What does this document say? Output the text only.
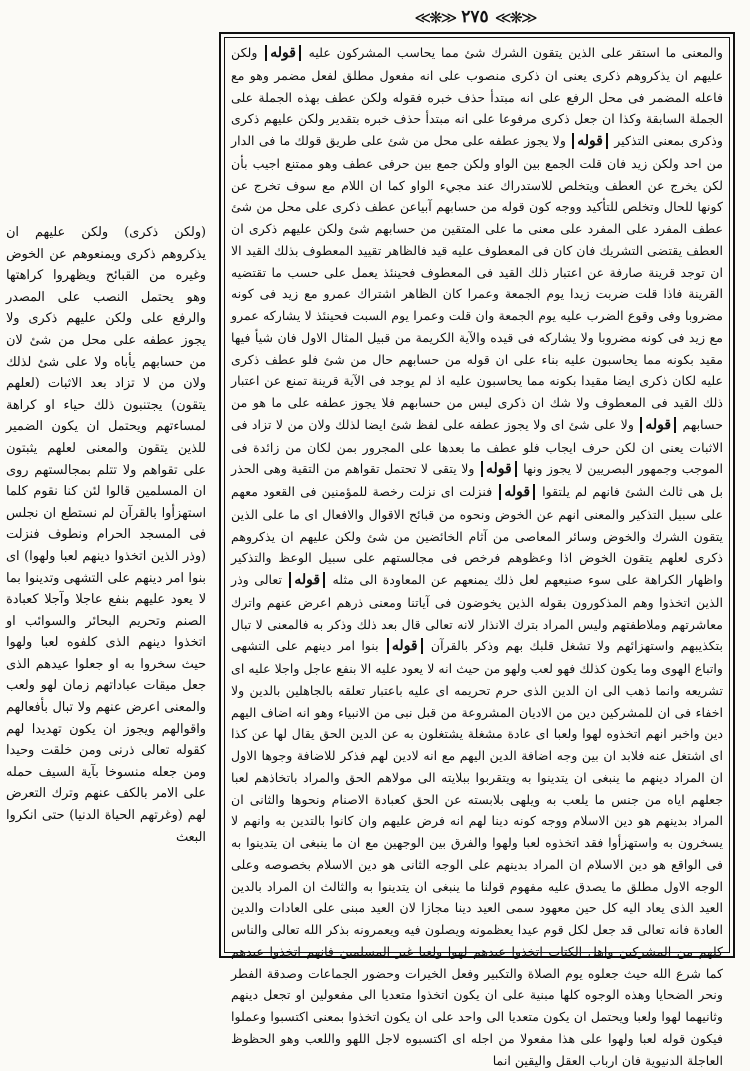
≪❋≫ ٢٧٥ ≪❋≫

والمعنى ما استقر على الذين يتقون الشرك شئ مما يحاسب المشركون عليه قوله ولكن عليهم ان يذكروهم ذكرى يعنى ان ذكرى منصوب على انه مفعول مطلق لفعل مضمر وهو مع فاعله المضمر فى محل الرفع على انه مبتدأ حذف خبره فقوله ولكن عطف بهذه الجملة على الجملة السابقة وكذا ان جعل ذكرى مرفوعا على انه مبتدأ حذف خبره بتقدير ولكن عليهم ذكرى وذكرى بمعنى التذكير قوله ولا يجوز عطفه على محل من شئ على طريق قولك ما فى الدار من احد ولكن زيد فان قلت الجمع بين الواو ولكن جمع بين حرفى عطف وهو ممتنع اجيب بأن لكن يخرج عن العطف ويتخلص للاستدراك عند مجيء الواو كما ان اللام مع سوف تخرج عن كونها للحال وتخلص للتأكيد ووجه كون قوله من حسابهم آبياعن عطف ذكرى على محل من شئ عطف المفرد على المفرد على معنى ما على المتقين من حسابهم شئ ولكن عليهم ذكرى ان العطف يقتضى التشريك فان كان فى المعطوف عليه قيد فالظاهر تقييد المعطوف بذلك القيد الا ان توجد قرينة صارفة عن اعتبار ذلك القيد فى المعطوف فحينئذ يعمل على حسب ما تقتضيه القرينة فاذا قلت ضربت زيدا يوم الجمعة وعمرا كان الظاهر اشتراك عمرو مع زيد فى كونه مضروبا وفى وقوع الضرب عليه يوم الجمعة وان قلت وعمرا يوم السبت فحينئذ لا يشاركه عمرو مع زيد فى كونه مضروبا ولا يشاركه فى قيده والآية الكريمة من قبيل المثال الاول فان شيأ فيها مقيد بكونه مما يحاسبون عليه بناء على ان قوله من حسابهم حال من شئ فلو عطف ذكرى عليه لكان ذكرى ايضا مقيدا بكونه مما يحاسبون عليه اذ لم يوجد فى الآية قرينة تمنع عن اعتبار ذلك القيد فى المعطوف ولا شك ان ذكرى ليس من حسابهم فلا يجوز عطفه على ما هو من حسابهم قوله ولا على شئ اى ولا يجوز عطفه على لفظ شئ ايضا لذلك ولان من لا تزاد فى الاثبات يعنى ان لكن حرف ايجاب فلو عطف ما بعدها على المجرور بمن لكان من زائدة فى الموجب وجمهور البصريين لا يجوز ونها قوله ولا يتقى لا تحتمل تقواهم من التقية وهى الحذر بل هى ثالث الشئ فانهم لم يلتقوا قوله فنزلت اى نزلت رخصة للمؤمنين فى القعود معهم على سبيل التذكير والمعنى انهم عن الخوض ونحوه من قبائح الاقوال والافعال اى ما على الذين يتقون الشرك والخوض وسائر المعاصى من آثام الخائضين من شئ ولكن عليهم ان يذكروهم ذكرى لعلهم يتقون الخوض اذا وعظوهم فرخص فى مجالستهم على سبيل الوعظ والتذكير واظهار الكراهة على سوء صنيعهم لعل ذلك يمنعهم عن المعاودة الى مثله قوله تعالى وذر الذين اتخذوا وهم المذكورون بقوله الذين يخوضون فى آياتنا ومعنى ذرهم اعرض عنهم واترك معاشرتهم وملاطفتهم وليس المراد بترك الانذار لانه تعالى قال بعد ذلك وذكر به فالمعنى لا تبال بتكذيبهم واستهزائهم ولا تشغل قلبك بهم وذكر بالقرآن قوله بنوا امر دينهم على التشهى واتباع الهوى وما يكون كذلك فهو لعب ولهو من حيث انه لا يعود عليه الا بنفع عاجل واجلا عليه اى تشريعه وانما ذهب الى ان الدين الذى حرم تحريمه اى عليه باعتبار تعلقه بالجاهلين بالدين ولا اخفاء فى ان للمشركين دين من الاديان المشروعة من قبل نبى من الانبياء وهو انه اضاف اليهم دين واخبر انهم اتخذوه لهوا ولعبا اى عادة مشغلة يشتغلون به عن الدين الحق يقال لها عن كذا اى اشتغل عنه فلابد ان بين وجه اضافة الدين اليهم مع انه لادين لهم فذكر للاضافة وجوها الاول ان المراد دينهم ما ينبغى ان يتدينوا به ويتقربوا ببلايته الى مولاهم الحق والمراد باتخاذهم لعبا جعلهم اياه من جنس ما يلعب به ويلهى بلابسته عن الحق كعبادة الاصنام ونحوها والثانى ان المراد بدينهم هو دين الاسلام ووجه كونه دينا لهم انه فرض عليهم وان كانوا بالتدين به وانهم لا يسخرون به واستهزأوا فقد اتخذوه لعبا ولهوا والفرق بين الوجهين مع ان ما ينبغى ان يتدينوا به فى الواقع هو دين الاسلام ان المراد بدينهم على الوجه الثانى هو دين الاسلام بخصوصه وعلى الوجه الاول مطلق ما يصدق عليه مفهوم قولنا ما ينبغى ان يتدينوا به والثالث ان المراد بالدين العيد الذى يعاد اليه كل حين معهود سمى العيد دينا مجازا لان العيد مبنى على العادات والدين العادة فانه تعالى قد جعل لكل قوم عيدا يعظمونه ويصلون فيه ويعمرونه بذكر الله تعالى والناس كلهم من المشركين واهل الكتاب اتخذوا عيدهم لهوا ولعبا غير المسلمين فانهم اتخذوا عيدهم كما شرع الله حيث جعلوه يوم الصلاة والتكبير وفعل الخيرات وحضور الجماعات وصدقة الفطر ونحر الضحايا وهذه الوجوه كلها مبنية على ان يكون اتخذوا متعديا الى مفعولين او تجعل دينهم وثانيهما لهوا ولعبا ويحتمل ان يكون متعديا الى واحد على ان يكون اتخذوا بمعنى اكتسبوا وعملوا فيكون قوله لعبا ولهوا على هذا مفعولا من اجله اى اكتسبوه لاجل اللهو واللعب وهو الحظوظ العاجلة الدنيوية فان ارباب العقل واليقين انما

(ولكن ذكرى) ولكن عليهم ان يذكروهم ذكرى ويمنعوهم عن الخوض وغيره من القبائح ويظهروا كراهتها وهو يحتمل النصب على المصدر والرفع على ولكن عليهم ذكرى ولا يجوز عطفه على محل من شئ لان من حسابهم يأباه ولا على شئ لذلك ولان من لا تزاد بعد الاثبات (لعلهم يتقون) يجتنبون ذلك حياء او كراهة لمساءتهم ويحتمل ان يكون الضمير للذين يتقون والمعنى لعلهم يثبتون على تقواهم ولا تتلم بمجالستهم روى ان المسلمين قالوا لئن كنا نقوم كلما استهزأوا بالقرآن لم نستطع ان نجلس فى المسجد الحرام ونطوف فنزلت (وذر الذين اتخذوا دينهم لعبا ولهوا) اى بنوا امر دينهم على التشهى وتدينوا بما لا يعود عليهم بنفع عاجلا وآجلا كعبادة الصنم وتحريم البحائر والسوائب او اتخذوا دينهم الذى كلفوه لعبا ولهوا حيث سخروا به او جعلوا عيدهم الذى جعل ميقات عباداتهم زمان لهو ولعب والمعنى اعرض عنهم ولا تبال بأفعالهم واقوالهم ويجوز ان يكون تهديدا لهم كقوله تعالى ذرنى ومن خلقت وحيدا ومن جعله منسوخا بآية السيف حمله على الامر بالكف عنهم وترك التعرض لهم (وغرتهم الحياة الدنيا) حتى انكروا البعث
